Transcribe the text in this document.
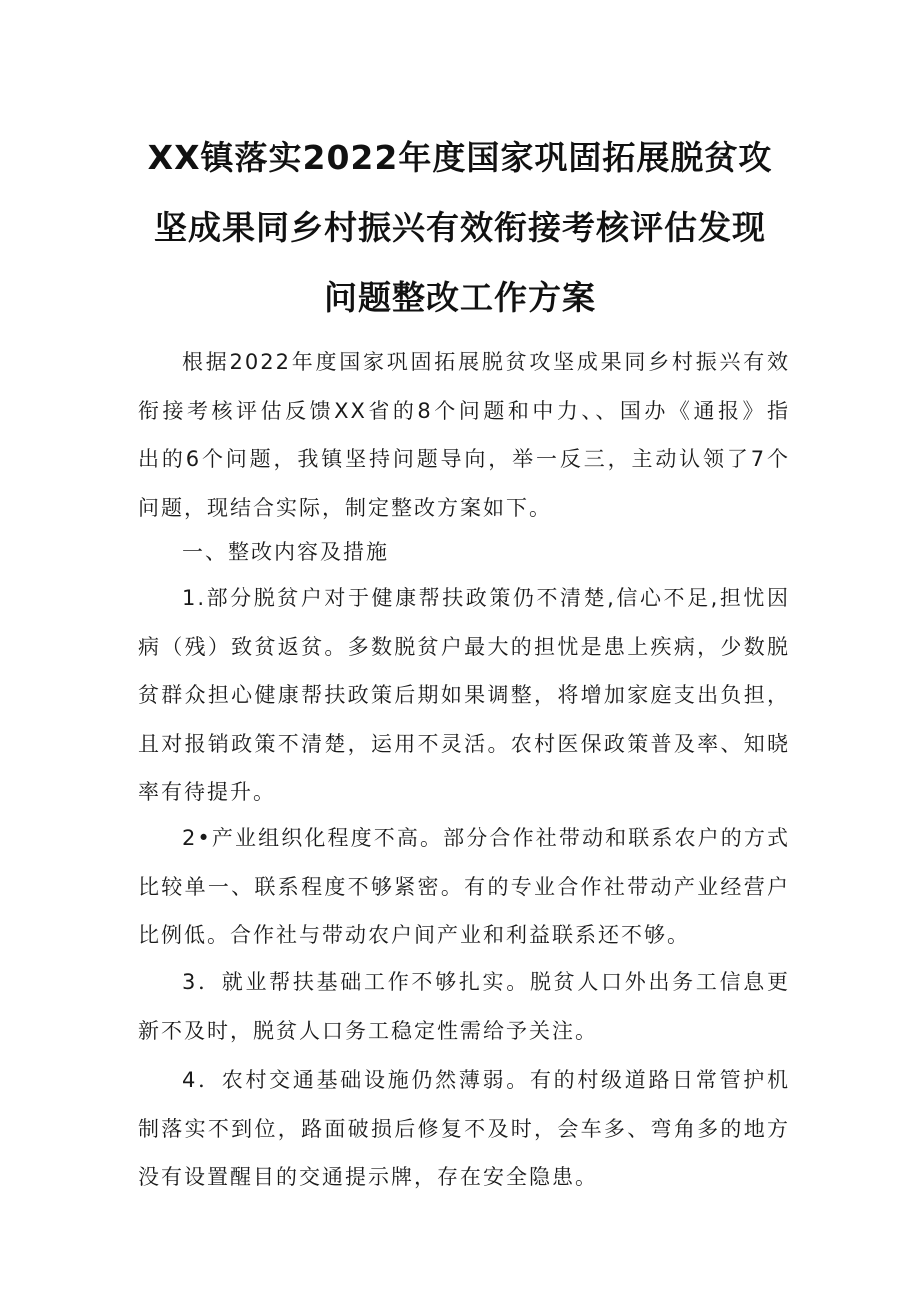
XX镇落实2022年度国家巩固拓展脱贫攻
坚成果同乡村振兴有效衔接考核评估发现
问题整改工作方案
根据2022年度国家巩固拓展脱贫攻坚成果同乡村振兴有效
衔接考核评估反馈XX省的8个问题和中力、、国办《通报》指
出的6个问题，我镇坚持问题导向，举一反三，主动认领了7个
问题，现结合实际，制定整改方案如下。
一、整改内容及措施
1.部分脱贫户对于健康帮扶政策仍不清楚,信心不足,担忧因
病（残）致贫返贫。多数脱贫户最大的担忧是患上疾病，少数脱
贫群众担心健康帮扶政策后期如果调整，将增加家庭支出负担，
且对报销政策不清楚，运用不灵活。农村医保政策普及率、知晓
率有待提升。
2•产业组织化程度不高。部分合作社带动和联系农户的方式
比较单一、联系程度不够紧密。有的专业合作社带动产业经营户
比例低。合作社与带动农户间产业和利益联系还不够。
3．就业帮扶基础工作不够扎实。脱贫人口外出务工信息更
新不及时，脱贫人口务工稳定性需给予关注。
4．农村交通基础设施仍然薄弱。有的村级道路日常管护机
制落实不到位，路面破损后修复不及时，会车多、弯角多的地方
没有设置醒目的交通提示牌，存在安全隐患。
